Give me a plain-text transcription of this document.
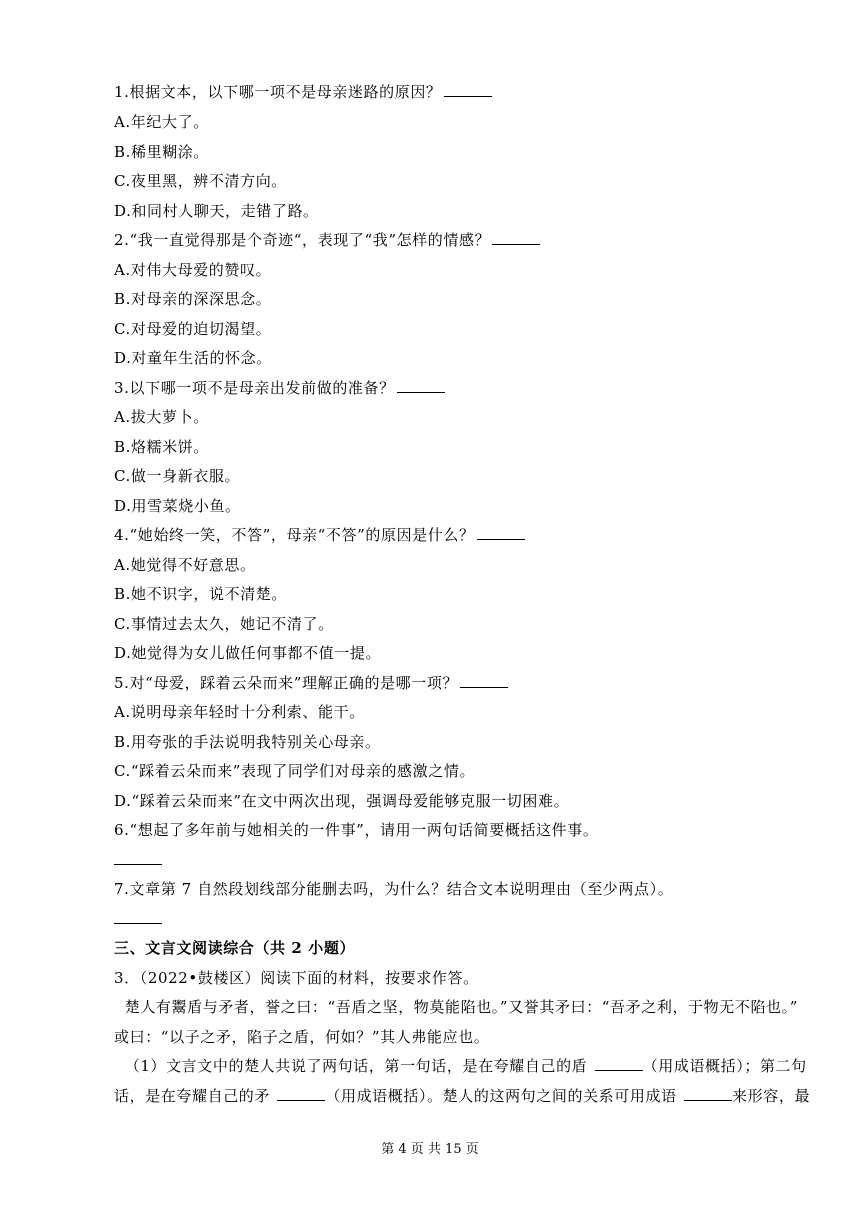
1.根据文本，以下哪一项不是母亲迷路的原因？
A.年纪大了。
B.稀里糊涂。
C.夜里黑，辨不清方向。
D.和同村人聊天，走错了路。
2.“我一直觉得那是个奇迹“，表现了“我”怎样的情感？
A.对伟大母爱的赞叹。
B.对母亲的深深思念。
C.对母爱的迫切渴望。
D.对童年生活的怀念。
3.以下哪一项不是母亲出发前做的准备？
A.拔大萝卜。
B.烙糯米饼。
C.做一身新衣服。
D.用雪菜烧小鱼。
4.“她始终一笑，不答”，母亲“不答”的原因是什么？
A.她觉得不好意思。
B.她不识字，说不清楚。
C.事情过去太久，她记不清了。
D.她觉得为女儿做任何事都不值一提。
5.对“母爱，踩着云朵而来”理解正确的是哪一项？
A.说明母亲年轻时十分利索、能干。
B.用夸张的手法说明我特别关心母亲。
C.“踩着云朵而来”表现了同学们对母亲的感激之情。
D.“踩着云朵而来”在文中两次出现，强调母爱能够克服一切困难。
6.“想起了多年前与她相关的一件事”，请用一两句话简要概括这件事。
7.文章第 7 自然段划线部分能删去吗，为什么？结合文本说明理由（至少两点）。
三、文言文阅读综合（共 2 小题）
3．（2022•鼓楼区）阅读下面的材料，按要求作答。
楚人有鬻盾与矛者，誉之曰：“吾盾之坚，物莫能陷也。”又誉其矛曰：“吾矛之利，于物无不陷也。”
或曰：“以子之矛，陷子之盾，何如？”其人弗能应也。
（1）文言文中的楚人共说了两句话，第一句话，是在夸耀自己的盾	（用成语概括）；第二句
话，是在夸耀自己的矛	（用成语概括）。楚人的这两句之间的关系可用成语	来形容，最
第 4 页 共 15 页
